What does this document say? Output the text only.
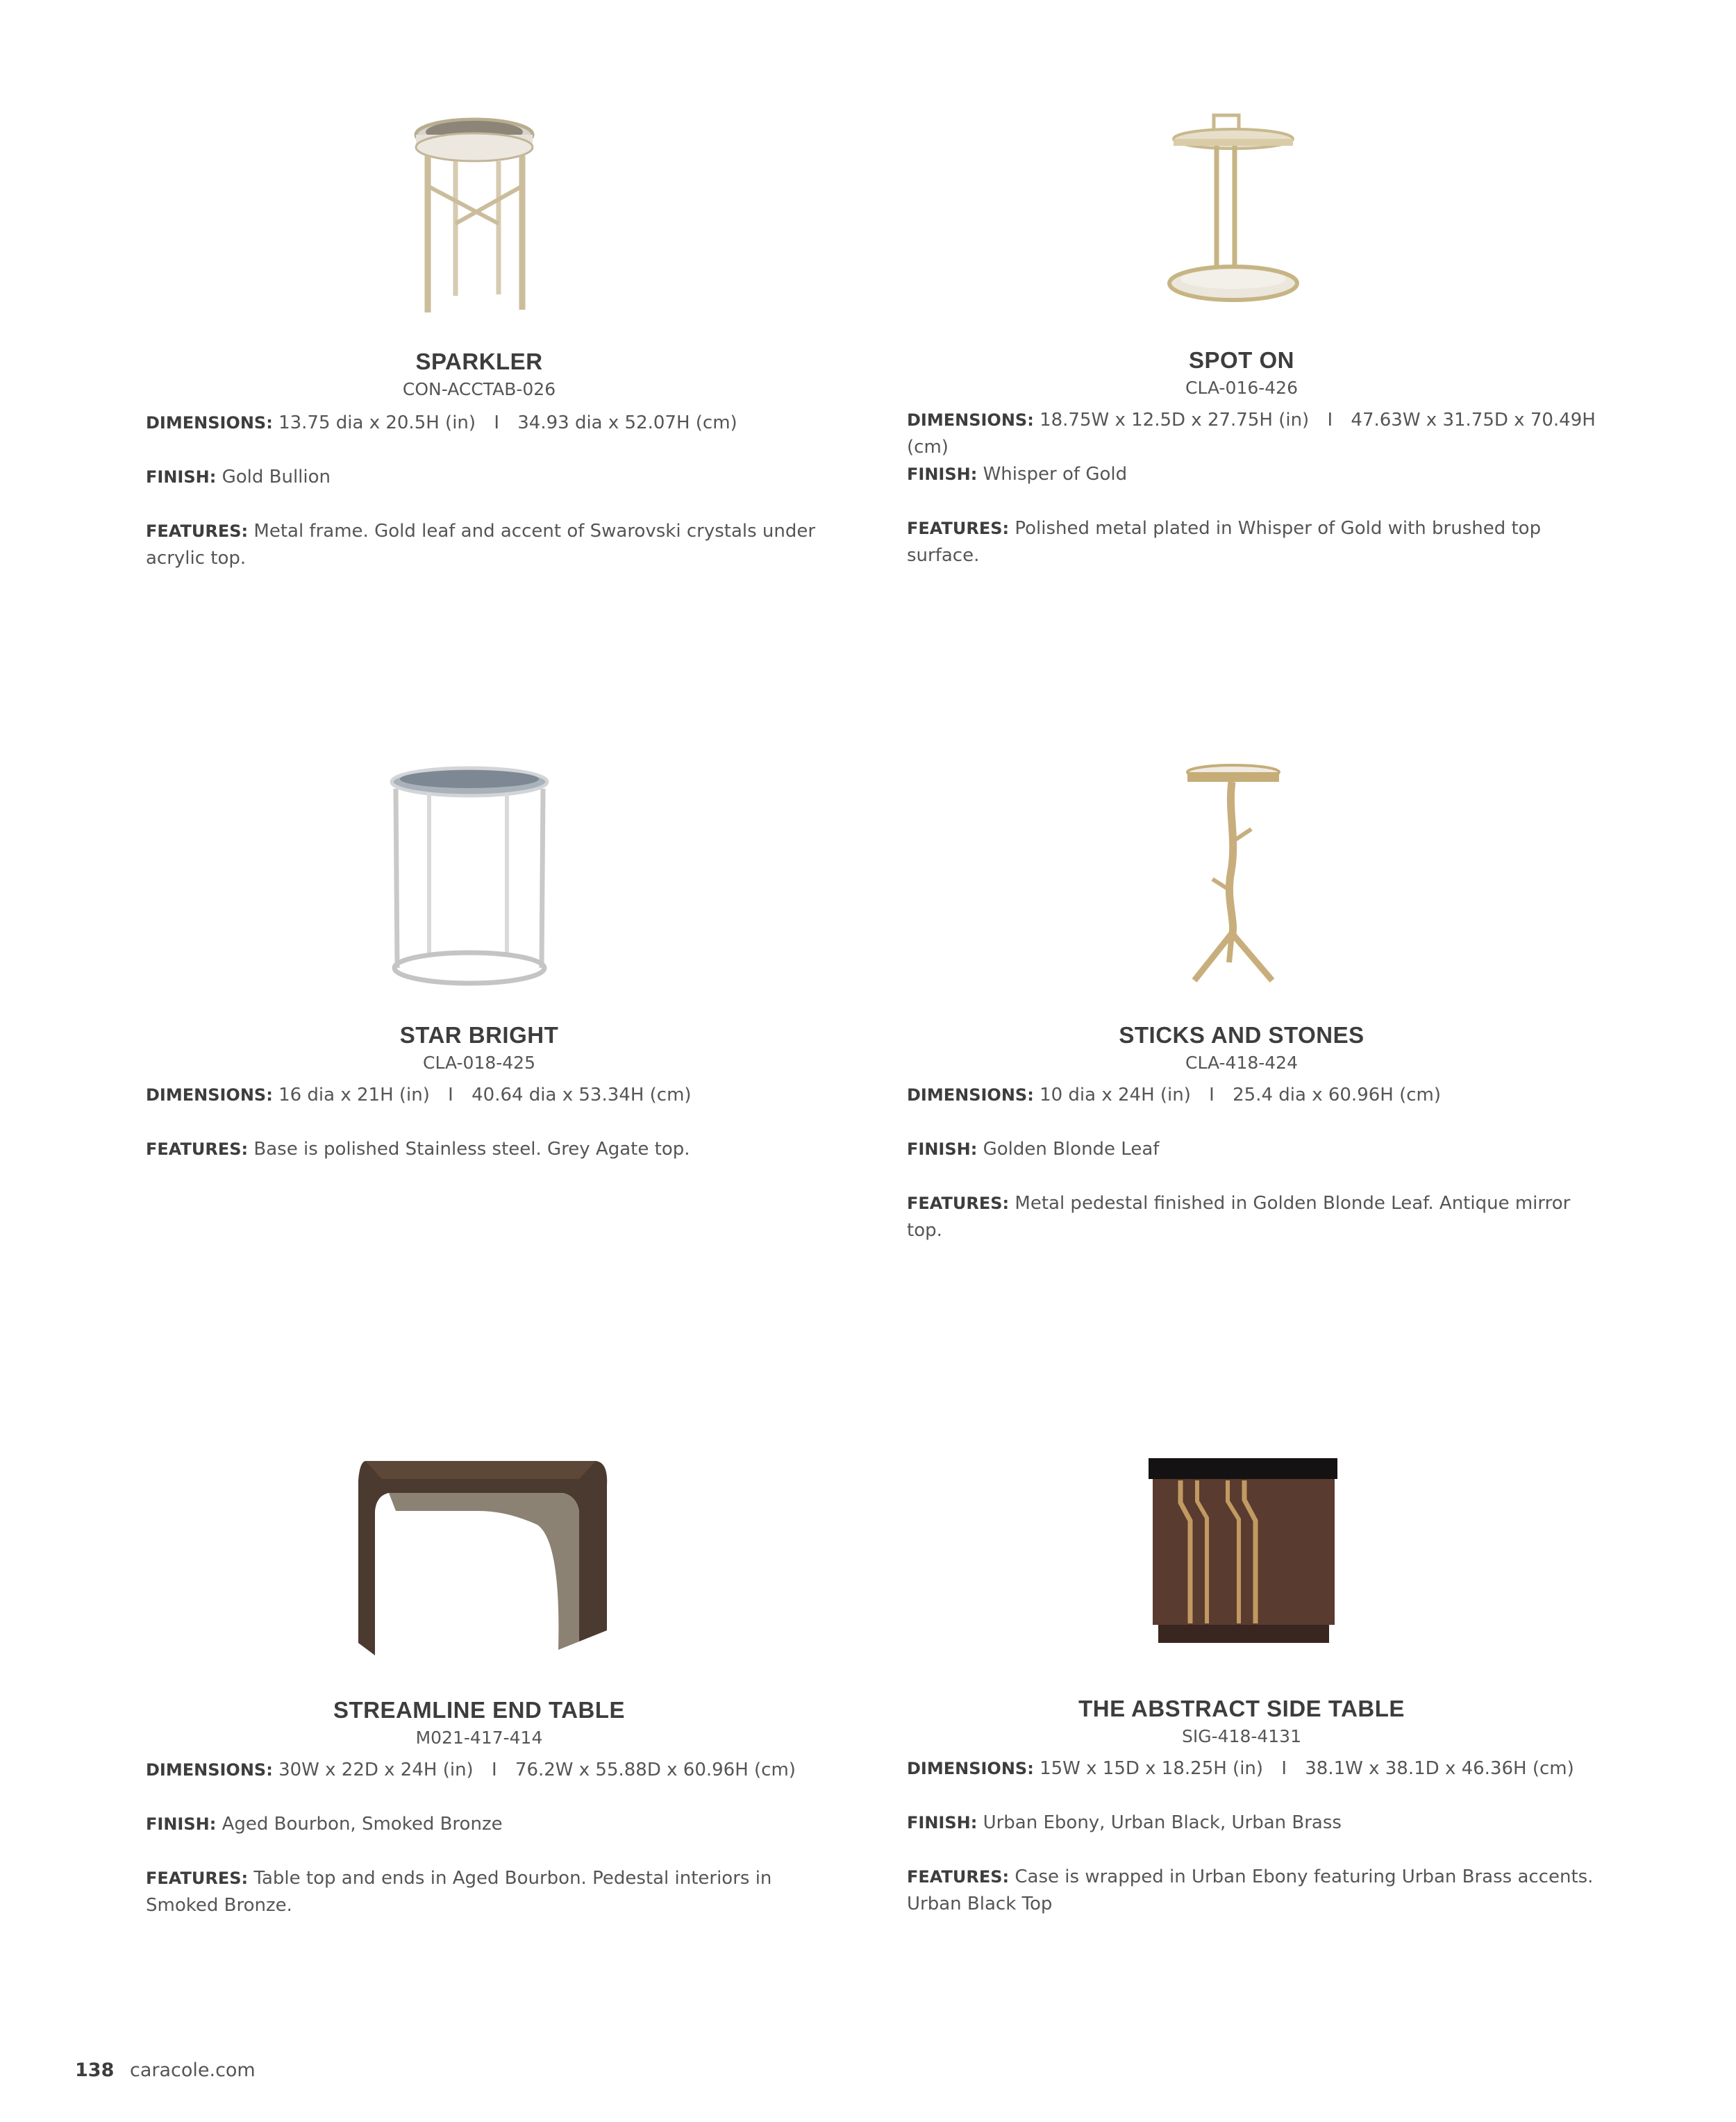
SPARKLER
CON-ACCTAB-026
DIMENSIONS: 13.75 dia x 20.5H (in) I 34.93 dia x 52.07H (cm)
FINISH: Gold Bullion
FEATURES: Metal frame. Gold leaf and accent of Swarovski crystals under acrylic top.
SPOT ON
CLA-016-426
DIMENSIONS: 18.75W x 12.5D x 27.75H (in) I 47.63W x 31.75D x 70.49H (cm)
FINISH: Whisper of Gold
FEATURES: Polished metal plated in Whisper of Gold with brushed top surface.
STAR BRIGHT
CLA-018-425
DIMENSIONS: 16 dia x 21H (in) I 40.64 dia x 53.34H (cm)
FEATURES: Base is polished Stainless steel. Grey Agate top.
STICKS AND STONES
CLA-418-424
DIMENSIONS: 10 dia x 24H (in) I 25.4 dia x 60.96H (cm)
FINISH: Golden Blonde Leaf
FEATURES: Metal pedestal finished in Golden Blonde Leaf. Antique mirror top.
STREAMLINE END TABLE
M021-417-414
DIMENSIONS: 30W x 22D x 24H (in) I 76.2W x 55.88D x 60.96H (cm)
FINISH: Aged Bourbon, Smoked Bronze
FEATURES: Table top and ends in Aged Bourbon. Pedestal interiors in Smoked Bronze.
THE ABSTRACT SIDE TABLE
SIG-418-4131
DIMENSIONS: 15W x 15D x 18.25H (in) I 38.1W x 38.1D x 46.36H (cm)
FINISH: Urban Ebony, Urban Black, Urban Brass
FEATURES: Case is wrapped in Urban Ebony featuring Urban Brass accents. Urban Black Top
138 caracole.com
